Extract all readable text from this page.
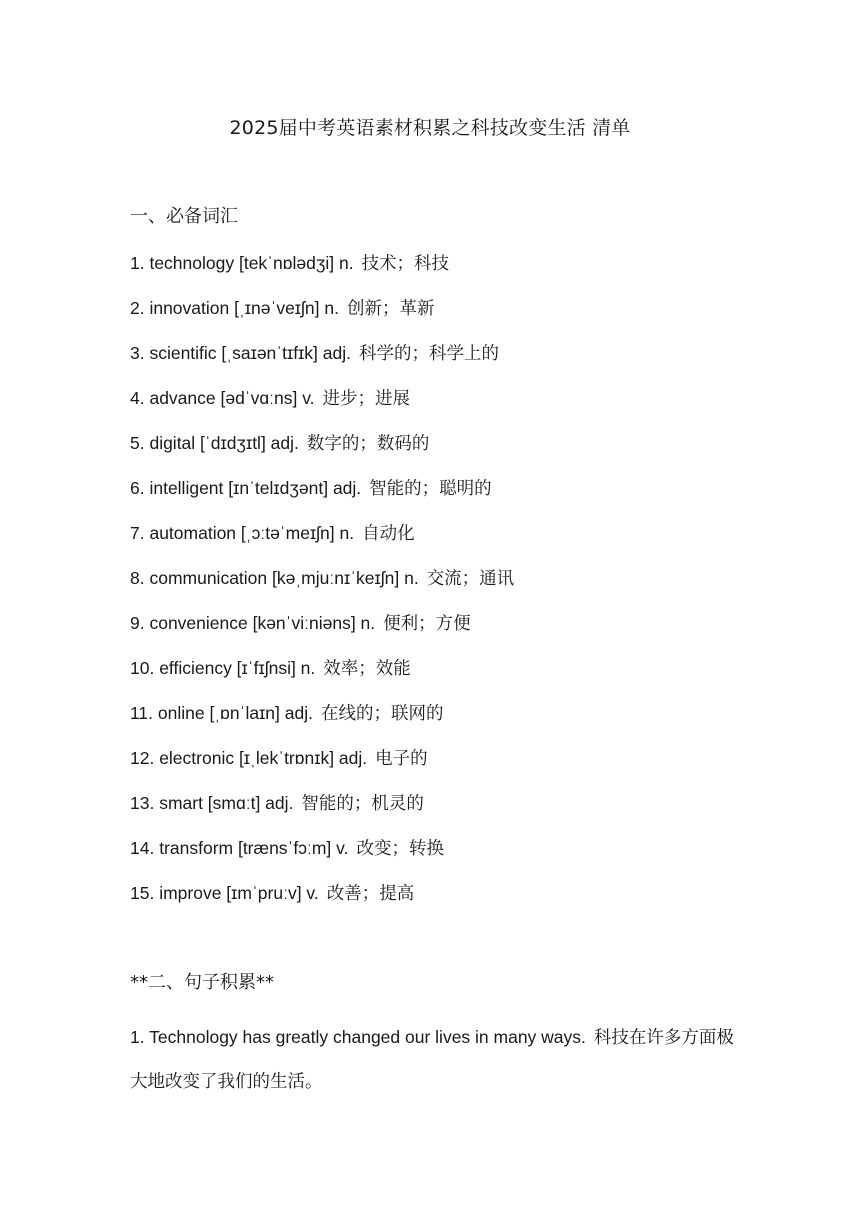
2025届中考英语素材积累之科技改变生活 清单
一、必备词汇
1. technology [tekˈnɒlədʒi] n. 技术；科技
2. innovation [ˌɪnəˈveɪʃn] n. 创新；革新
3. scientific [ˌsaɪənˈtɪfɪk] adj. 科学的；科学上的
4. advance [ədˈvɑːns] v. 进步；进展
5. digital [ˈdɪdʒɪtl] adj. 数字的；数码的
6. intelligent [ɪnˈtelɪdʒənt] adj. 智能的；聪明的
7. automation [ˌɔːtəˈmeɪʃn] n. 自动化
8. communication [kəˌmjuːnɪˈkeɪʃn] n. 交流；通讯
9. convenience [kənˈviːniəns] n. 便利；方便
10. efficiency [ɪˈfɪʃnsi] n. 效率；效能
11. online [ˌɒnˈlaɪn] adj. 在线的；联网的
12. electronic [ɪˌlekˈtrɒnɪk] adj. 电子的
13. smart [smɑːt] adj. 智能的；机灵的
14. transform [trænsˈfɔːm] v. 改变；转换
15. improve [ɪmˈpruːv] v. 改善；提高
**二、句子积累**
1. Technology has greatly changed our lives in many ways. 科技在许多方面极大地改变了我们的生活。
